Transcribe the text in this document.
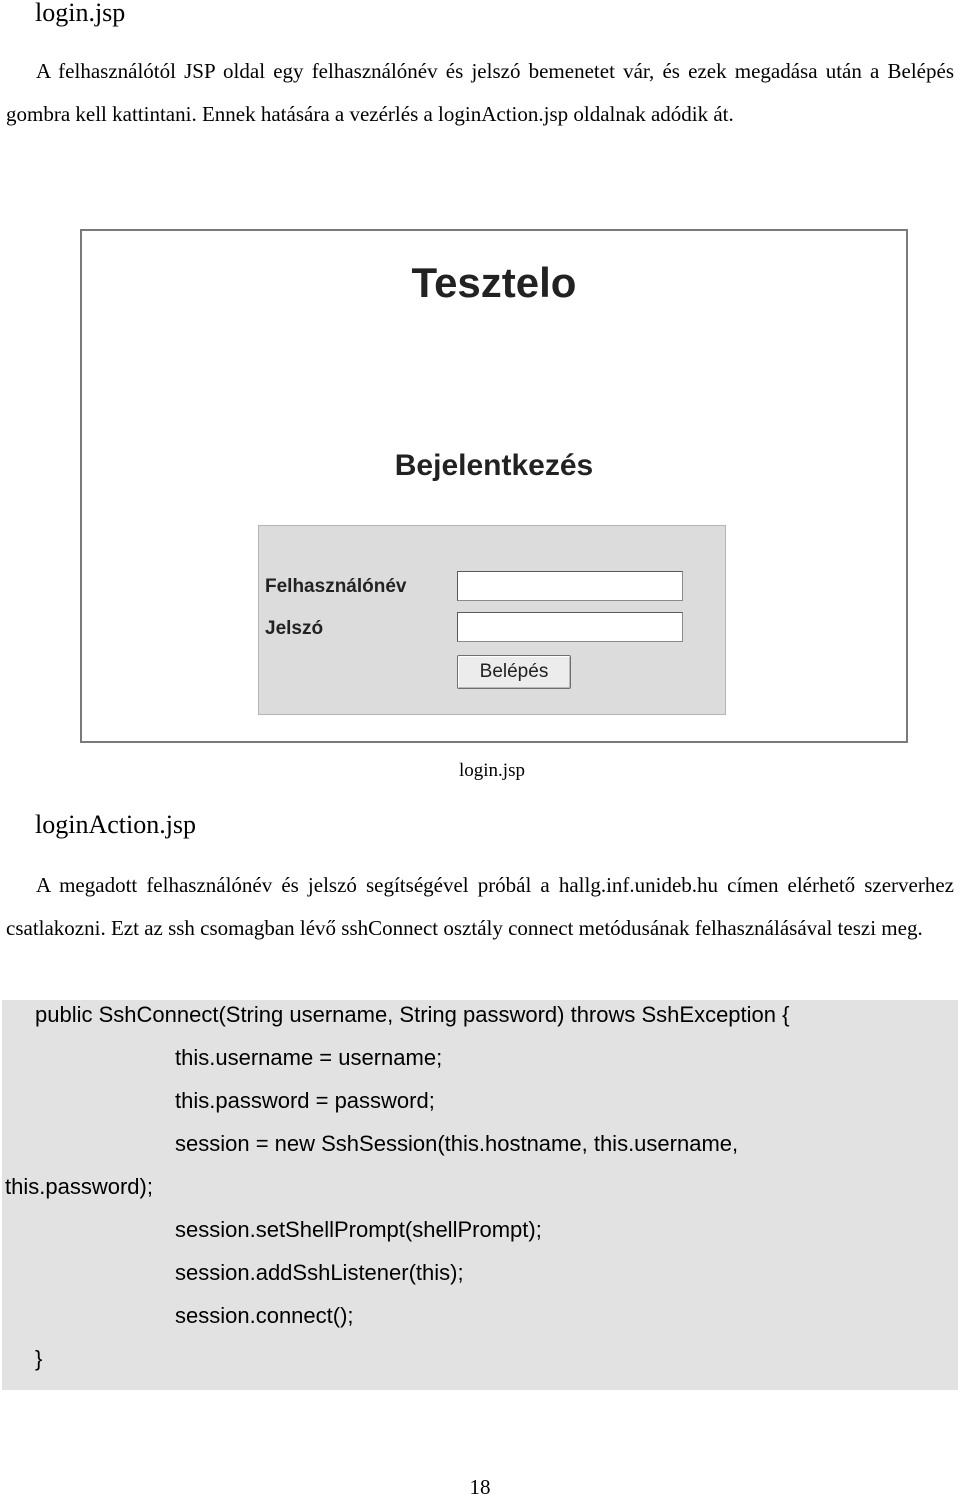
login.jsp
A felhasználótól JSP oldal egy felhasználónév és jelszó bemenetet vár, és ezek megadása után a Belépés gombra kell kattintani. Ennek hatására a vezérlés a loginAction.jsp oldalnak adódik át.
Tesztelo
Bejelentkezés
Felhasználónév
Jelszó
Belépés
login.jsp
loginAction.jsp
A megadott felhasználónév és jelszó segítségével próbál a hallg.inf.unideb.hu címen elérhető szerverhez csatlakozni. Ezt az ssh csomagban lévő sshConnect osztály connect metódusának felhasználásával teszi meg.
public SshConnect(String username, String password) throws SshException {
this.username = username;
this.password = password;
session = new SshSession(this.hostname, this.username,
this.password);
session.setShellPrompt(shellPrompt);
session.addSshListener(this);
session.connect();
}
18
